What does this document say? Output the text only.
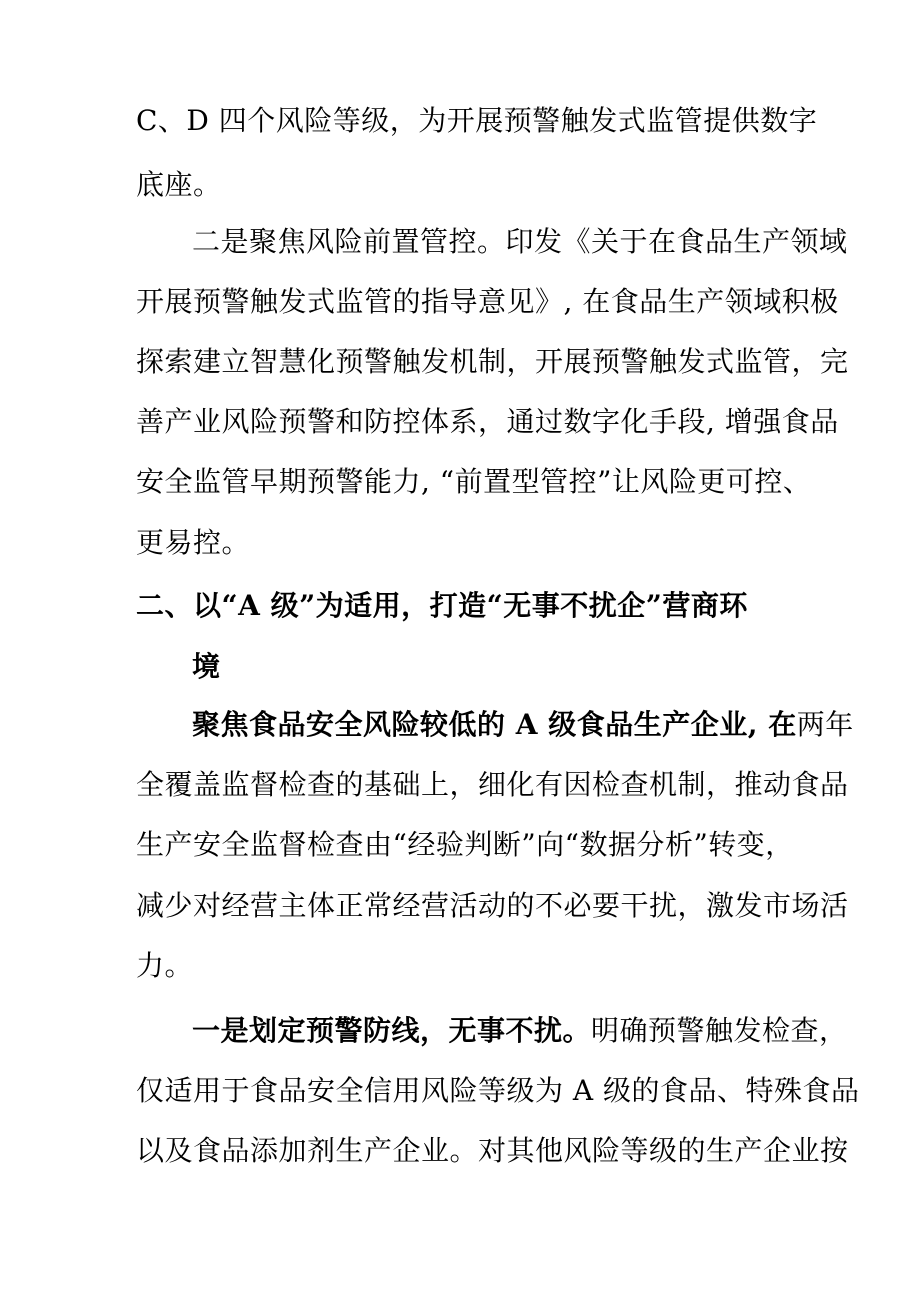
C、D 四个风险等级，为开展预警触发式监管提供数字
底座。
二是聚焦风险前置管控。印发《关于在食品生产领域
开展预警触发式监管的指导意见》, 在食品生产领域积极
探索建立智慧化预警触发机制，开展预警触发式监管，完
善产业风险预警和防控体系，通过数字化手段, 增强食品
安全监管早期预警能力, “前置型管控”让风险更可控、
更易控。
二、以“A 级”为适用，打造“无事不扰企”营商环
境
聚焦食品安全风险较低的 A 级食品生产企业, 在两年
全覆盖监督检查的基础上，细化有因检查机制，推动食品
生产安全监督检查由“经验判断”向“数据分析”转变，
减少对经营主体正常经营活动的不必要干扰，激发市场活
力。
一是划定预警防线，无事不扰。明确预警触发检查，
仅适用于食品安全信用风险等级为 A 级的食品、特殊食品
以及食品添加剂生产企业。对其他风险等级的生产企业按
